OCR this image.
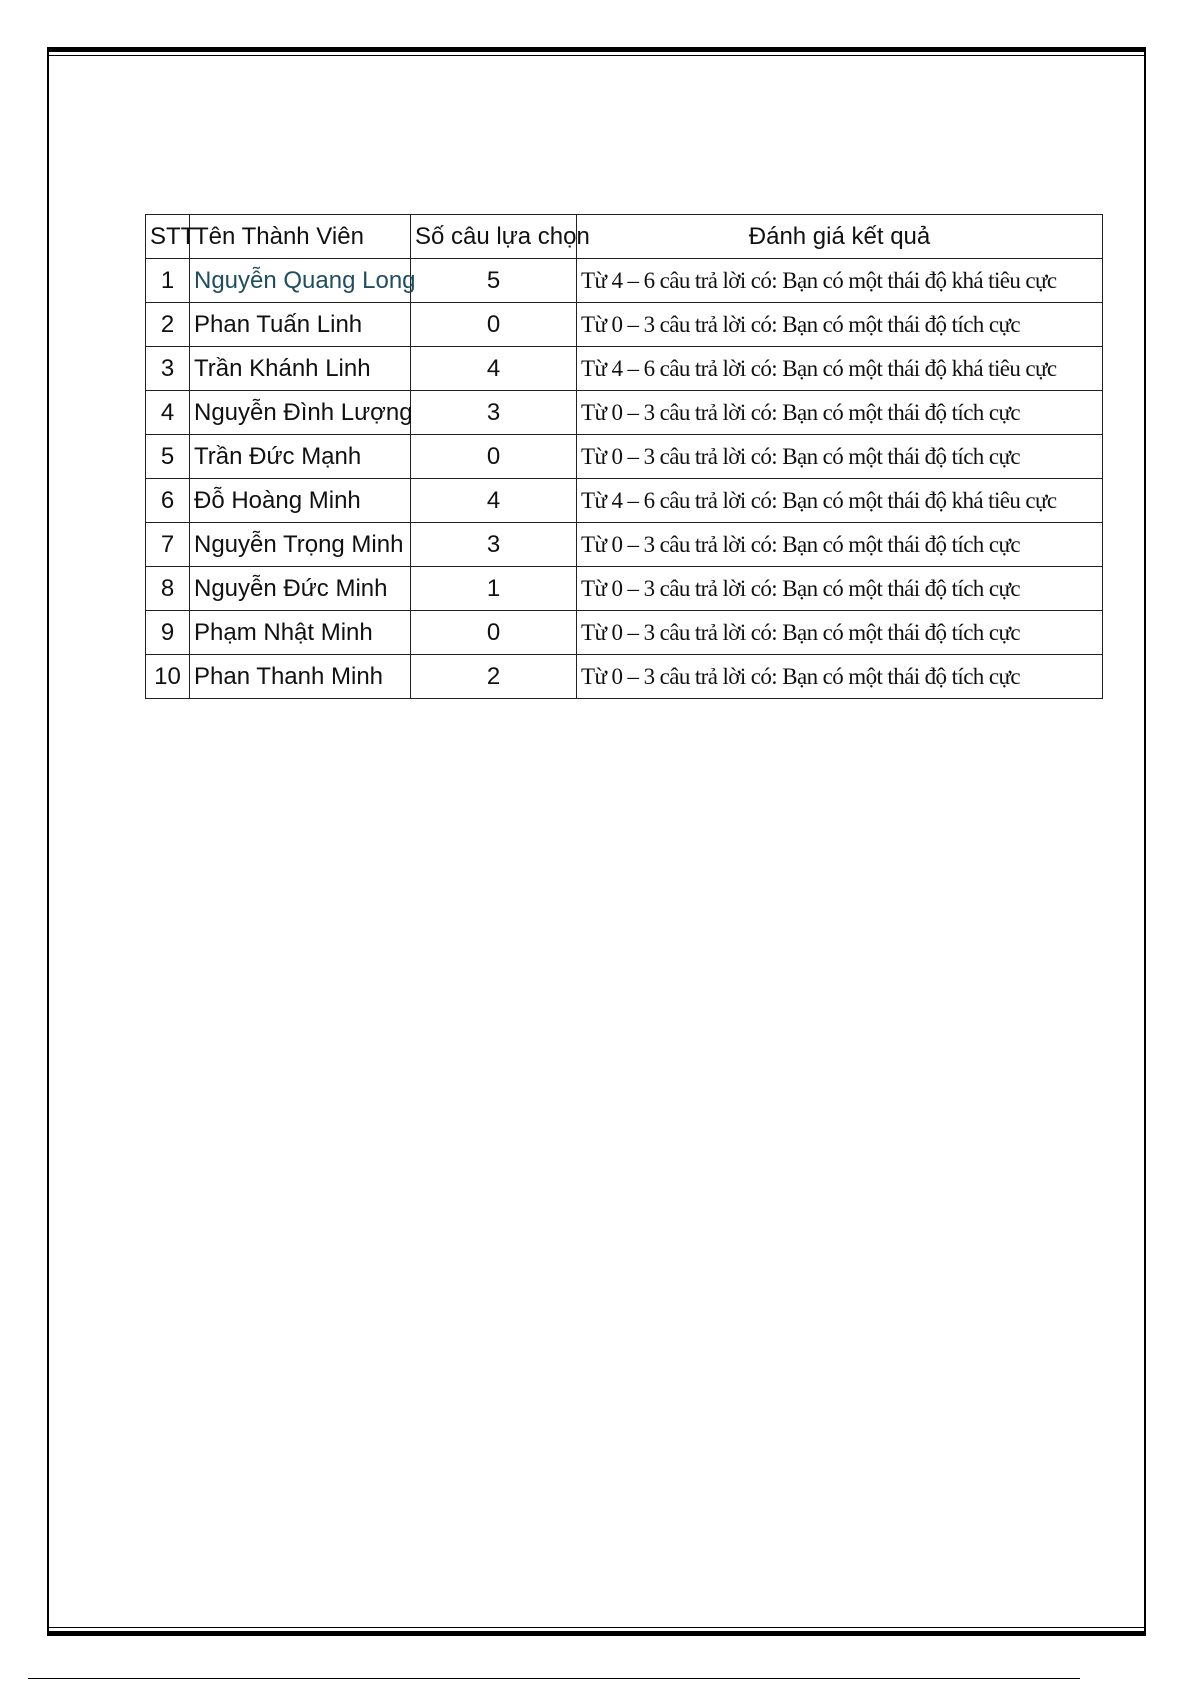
STT	Tên Thành Viên	Số câu lựa chọn	Đánh giá kết quả
1	Nguyễn Quang Long	5	Từ 4 – 6 câu trả lời có: Bạn có một thái độ khá tiêu cực
2	Phan Tuấn Linh	0	Từ 0 – 3 câu trả lời có: Bạn có một thái độ tích cực
3	Trần Khánh Linh	4	Từ 4 – 6 câu trả lời có: Bạn có một thái độ khá tiêu cực
4	Nguyễn Đình Lượng	3	Từ 0 – 3 câu trả lời có: Bạn có một thái độ tích cực
5	Trần Đức Mạnh	0	Từ 0 – 3 câu trả lời có: Bạn có một thái độ tích cực
6	Đỗ Hoàng Minh	4	Từ 4 – 6 câu trả lời có: Bạn có một thái độ khá tiêu cực
7	Nguyễn Trọng Minh	3	Từ 0 – 3 câu trả lời có: Bạn có một thái độ tích cực
8	Nguyễn Đức Minh	1	Từ 0 – 3 câu trả lời có: Bạn có một thái độ tích cực
9	Phạm Nhật Minh	0	Từ 0 – 3 câu trả lời có: Bạn có một thái độ tích cực
10	Phan Thanh Minh	2	Từ 0 – 3 câu trả lời có: Bạn có một thái độ tích cực
